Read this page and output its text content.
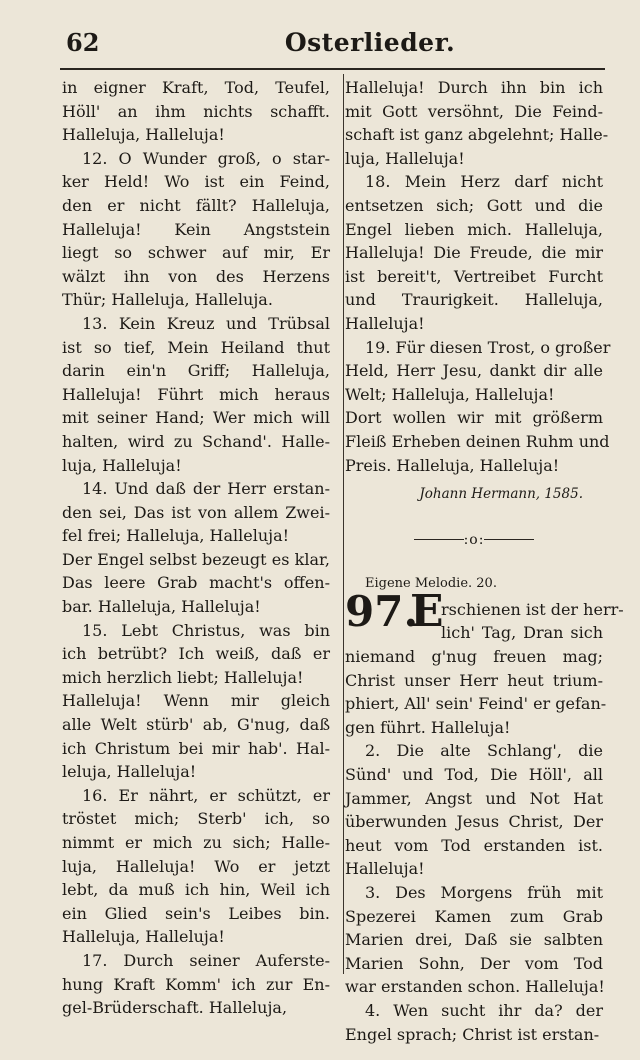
62	Osterlieder.
in eigner Kraft, Tod, Teufel,
Höll' an ihm nichts schafft.
Halleluja, Halleluja!
12. O Wunder groß, o star-
ker Held! Wo ist ein Feind,
den er nicht fällt? Halleluja,
Halleluja! Kein Angststein
liegt so schwer auf mir, Er
wälzt ihn von des Herzens
Thür; Halleluja, Halleluja.
13. Kein Kreuz und Trübsal
ist so tief, Mein Heiland thut
darin ein'n Griff; Halleluja,
Halleluja! Führt mich heraus
mit seiner Hand; Wer mich will
halten, wird zu Schand'. Halle-
luja, Halleluja!
14. Und daß der Herr erstan-
den sei, Das ist von allem Zwei-
fel frei; Halleluja, Halleluja!
Der Engel selbst bezeugt es klar,
Das leere Grab macht's offen-
bar. Halleluja, Halleluja!
15. Lebt Christus, was bin
ich betrübt? Ich weiß, daß er
mich herzlich liebt; Halleluja!
Halleluja! Wenn mir gleich
alle Welt stürb' ab, G'nug, daß
ich Christum bei mir hab'. Hal-
leluja, Halleluja!
16. Er nährt, er schützt, er
tröstet mich; Sterb' ich, so
nimmt er mich zu sich; Halle-
luja, Halleluja! Wo er jetzt
lebt, da muß ich hin, Weil ich
ein Glied sein's Leibes bin.
Halleluja, Halleluja!
17. Durch seiner Auferste-
hung Kraft Komm' ich zur En-
gel-Brüderschaft. Halleluja,
Halleluja! Durch ihn bin ich
mit Gott versöhnt, Die Feind-
schaft ist ganz abgelehnt; Halle-
luja, Halleluja!
18. Mein Herz darf nicht
entsetzen sich; Gott und die
Engel lieben mich. Halleluja,
Halleluja! Die Freude, die mir
ist bereit't, Vertreibet Furcht
und Traurigkeit. Halleluja,
Halleluja!
19. Für diesen Trost, o großer
Held, Herr Jesu, dankt dir alle
Welt; Halleluja, Halleluja!
Dort wollen wir mit größerm
Fleiß Erheben deinen Ruhm und
Preis. Halleluja, Halleluja!
Johann Hermann, 1585.
:o:
Eigene Melodie. 20.
97.
E
rschienen ist der herr-
lich' Tag, Dran sich
niemand g'nug freuen mag;
Christ unser Herr heut trium-
phiert, All' sein' Feind' er gefan-
gen führt. Halleluja!
2. Die alte Schlang', die
Sünd' und Tod, Die Höll', all
Jammer, Angst und Not Hat
überwunden Jesus Christ, Der
heut vom Tod erstanden ist.
Halleluja!
3. Des Morgens früh mit
Spezerei Kamen zum Grab
Marien drei, Daß sie salbten
Marien Sohn, Der vom Tod
war erstanden schon. Halleluja!
4. Wen sucht ihr da? der
Engel sprach; Christ ist erstan-
